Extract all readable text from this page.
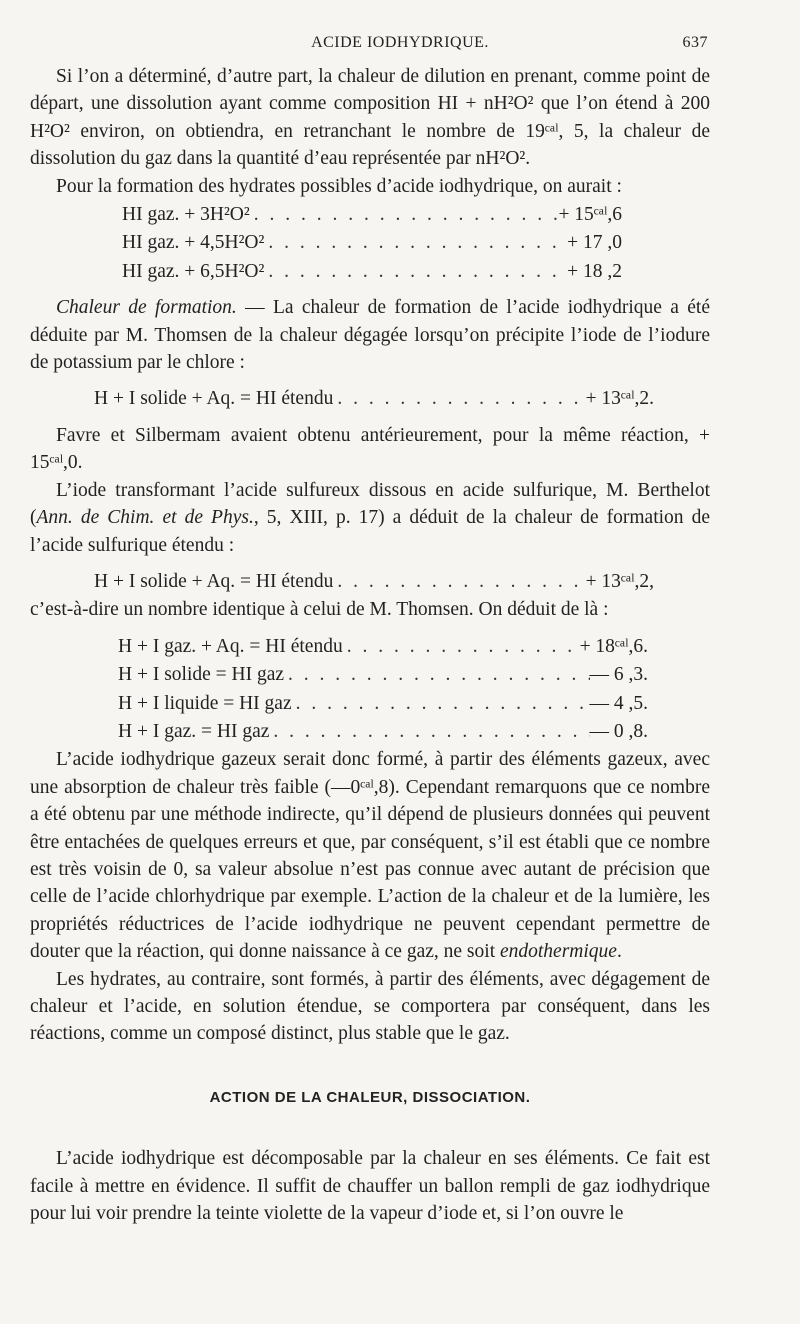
ACIDE IODHYDRIQUE.	637

Si l’on a déterminé, d’autre part, la chaleur de dilution en prenant, comme point de départ, une dissolution ayant comme composition HI + nH²O² que l’on étend à 200 H²O² environ, on obtiendra, en retranchant le nombre de 19ᶜᵃˡ, 5, la chaleur de dissolution du gaz dans la quantité d’eau représentée par nH²O².

Pour la formation des hydrates possibles d’acide iodhydrique, on aurait :

HI gaz. + 3H²O² . . .	+ 15ᶜᵃˡ,6
HI gaz. + 4,5H²O² . . .	+ 17 ,0
HI gaz. + 6,5H²O² . . .	+ 18 ,2

Chaleur de formation. — La chaleur de formation de l’acide iodhydrique a été déduite par M. Thomsen de la chaleur dégagée lorsqu’on précipite l’iode de l’iodure de potassium par le chlore :

H + I solide + Aq. = HI étendu . . .	+ 13ᶜᵃˡ,2.

Favre et Silbermam avaient obtenu antérieurement, pour la même réaction, + 15ᶜᵃˡ,0.

L’iode transformant l’acide sulfureux dissous en acide sulfurique, M. Berthelot (Ann. de Chim. et de Phys., 5, XIII, p. 17) a déduit de la chaleur de formation de l’acide sulfurique étendu :

H + I solide + Aq. = HI étendu . . .	+ 13ᶜᵃˡ,2,

c’est-à-dire un nombre identique à celui de M. Thomsen. On déduit de là :

H + I gaz. + Aq. = HI étendu . . .	+ 18ᶜᵃˡ,6.
H + I solide = HI gaz . . .	— 6 ,3.
H + I liquide = HI gaz . . .	— 4 ,5.
H + I gaz. = HI gaz . . .	— 0 ,8.

L’acide iodhydrique gazeux serait donc formé, à partir des éléments gazeux, avec une absorption de chaleur très faible (—0ᶜᵃˡ,8). Cependant remarquons que ce nombre a été obtenu par une méthode indirecte, qu’il dépend de plusieurs données qui peuvent être entachées de quelques erreurs et que, par conséquent, s’il est établi que ce nombre est très voisin de 0, sa valeur absolue n’est pas connue avec autant de précision que celle de l’acide chlorhydrique par exemple. L’action de la chaleur et de la lumière, les propriétés réductrices de l’acide iodhydrique ne peuvent cependant permettre de douter que la réaction, qui donne naissance à ce gaz, ne soit endothermique.

Les hydrates, au contraire, sont formés, à partir des éléments, avec dégagement de chaleur et l’acide, en solution étendue, se comportera par conséquent, dans les réactions, comme un composé distinct, plus stable que le gaz.

ACTION DE LA CHALEUR, DISSOCIATION.

L’acide iodhydrique est décomposable par la chaleur en ses éléments. Ce fait est facile à mettre en évidence. Il suffit de chauffer un ballon rempli de gaz iodhydrique pour lui voir prendre la teinte violette de la vapeur d’iode et, si l’on ouvre le
